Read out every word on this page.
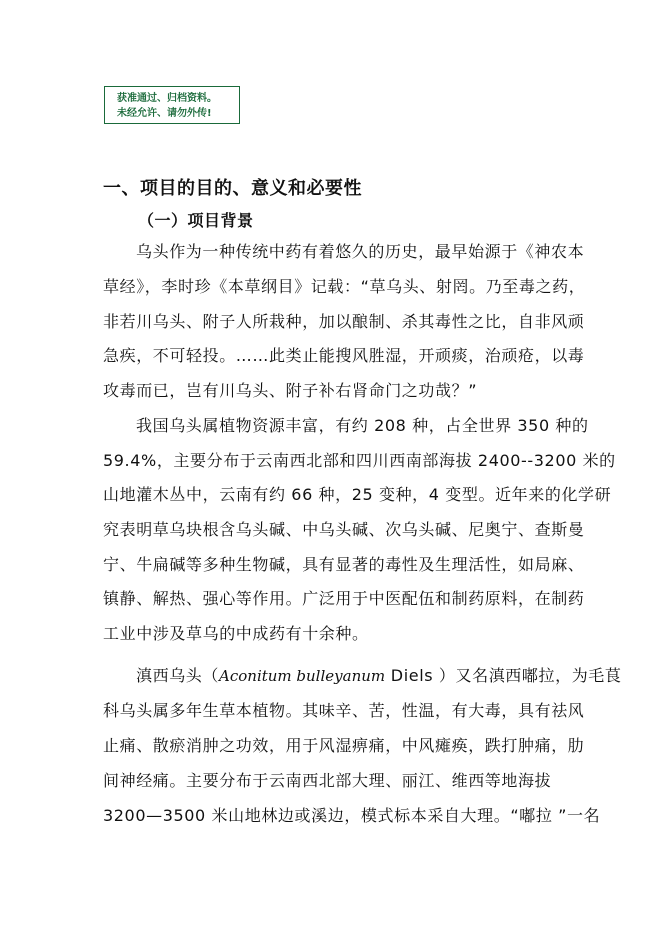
获准通过、归档资料。
未经允许、请勿外传!
一、项目的目的、意义和必要性
（一）项目背景
乌头作为一种传统中药有着悠久的历史，最早始源于《神农本
草经》，李时珍《本草纲目》记载：“草乌头、射罔。乃至毒之药，
非若川乌头、附子人所栽种，加以酿制、杀其毒性之比，自非风顽
急疾，不可轻投。……此类止能搜风胜湿，开顽痰，治顽疮，以毒
攻毒而已，岂有川乌头、附子补右肾命门之功哉？”
我国乌头属植物资源丰富，有约 208 种，占全世界 350 种的
59.4%，主要分布于云南西北部和四川西南部海拔 2400--3200 米的
山地灌木丛中，云南有约 66 种，25 变种，4 变型。近年来的化学研
究表明草乌块根含乌头碱、中乌头碱、次乌头碱、尼奥宁、查斯曼
宁、牛扁碱等多种生物碱，具有显著的毒性及生理活性，如局麻、
镇静、解热、强心等作用。广泛用于中医配伍和制药原料，在制药
工业中涉及草乌的中成药有十余种。
滇西乌头（Aconitum bulleyanum Diels ）又名滇西嘟拉，为毛茛
科乌头属多年生草本植物。其味辛、苦，性温，有大毒，具有祛风
止痛、散瘀消肿之功效，用于风湿痹痛，中风瘫痪，跌打肿痛，肋
间神经痛。主要分布于云南西北部大理、丽江、维西等地海拔
3200—3500 米山地林边或溪边，模式标本采自大理。“嘟拉 ”一名
